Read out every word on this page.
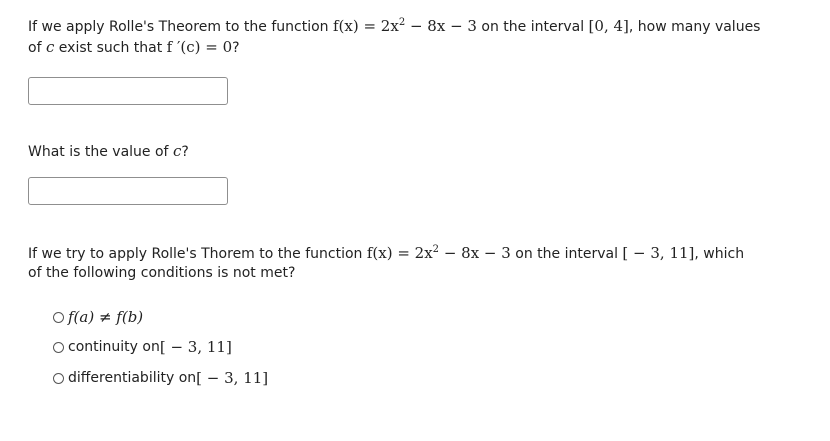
If we apply Rolle's Theorem to the function $f(x) = 2x^2 - 8x - 3$ on the interval [0, 4], how many values
of c exist such that f ′(c) = 0?
What is the value of c?
If we try to apply Rolle's Thorem to the function $f(x) = 2x^2 - 8x - 3$ on the interval [ − 3, 11], which
of the following conditions is not met?
f(a) ≠ f(b)
continuity on [ − 3, 11]
differentiability on [ − 3, 11]
